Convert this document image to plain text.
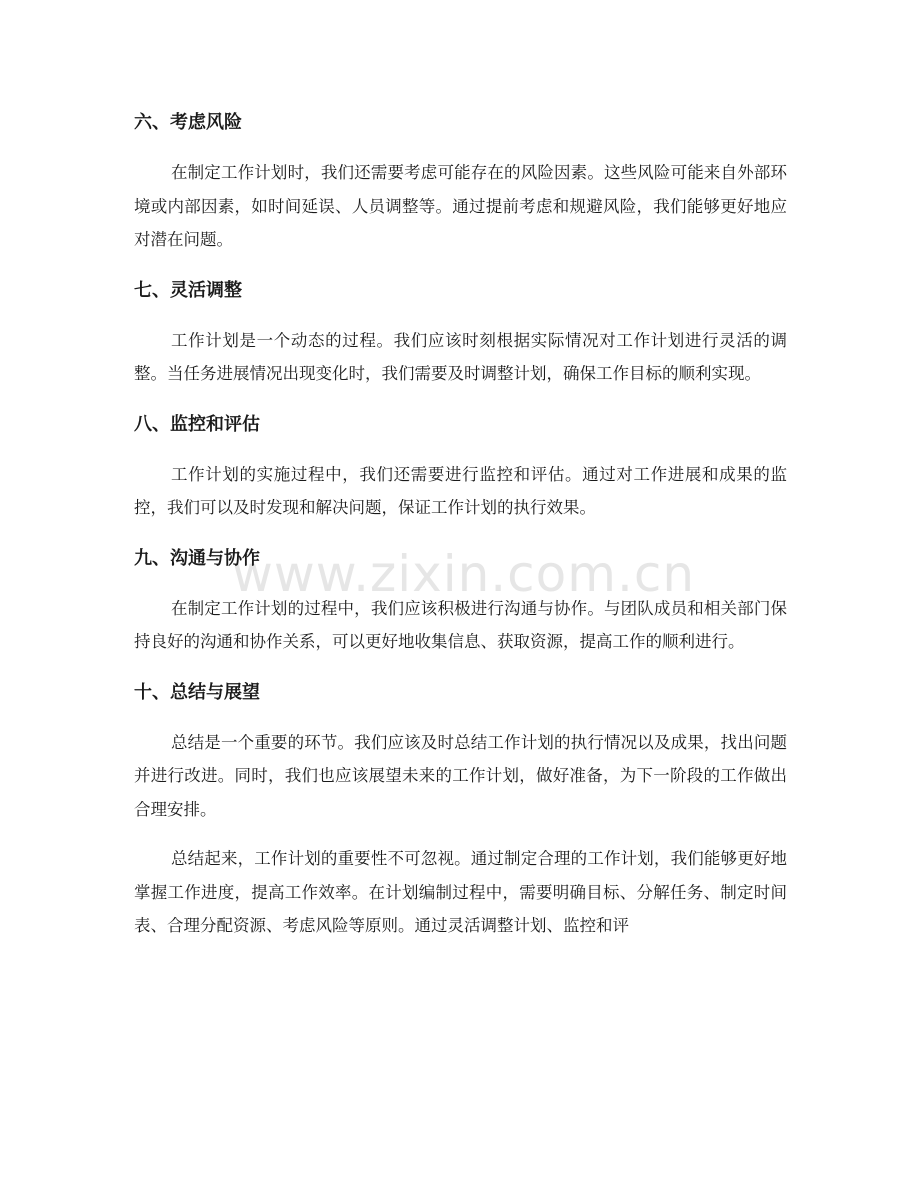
www.zixin.com.cn
六、考虑风险

在制定工作计划时，我们还需要考虑可能存在的风险因素。这些风险可能来自外部环境或内部因素，如时间延误、人员调整等。通过提前考虑和规避风险，我们能够更好地应对潜在问题。

七、灵活调整

工作计划是一个动态的过程。我们应该时刻根据实际情况对工作计划进行灵活的调整。当任务进展情况出现变化时，我们需要及时调整计划，确保工作目标的顺利实现。

八、监控和评估

工作计划的实施过程中，我们还需要进行监控和评估。通过对工作进展和成果的监控，我们可以及时发现和解决问题，保证工作计划的执行效果。

九、沟通与协作

在制定工作计划的过程中，我们应该积极进行沟通与协作。与团队成员和相关部门保持良好的沟通和协作关系，可以更好地收集信息、获取资源，提高工作的顺利进行。

十、总结与展望

总结是一个重要的环节。我们应该及时总结工作计划的执行情况以及成果，找出问题并进行改进。同时，我们也应该展望未来的工作计划，做好准备，为下一阶段的工作做出合理安排。

总结起来，工作计划的重要性不可忽视。通过制定合理的工作计划，我们能够更好地掌握工作进度，提高工作效率。在计划编制过程中，需要明确目标、分解任务、制定时间表、合理分配资源、考虑风险等原则。通过灵活调整计划、监控和评
